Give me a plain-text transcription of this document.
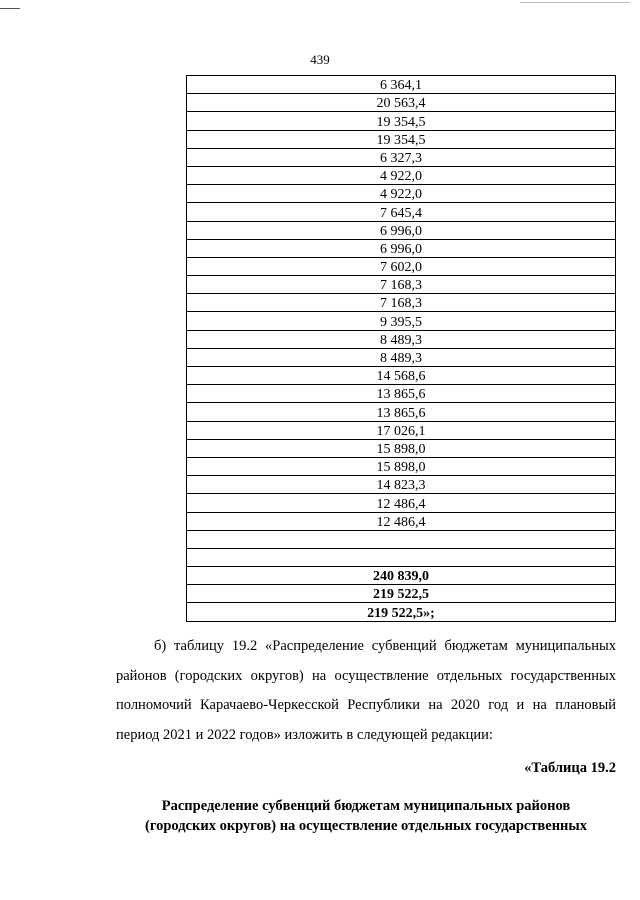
439
6 364,1
20 563,4
19 354,5
19 354,5
6 327,3
4 922,0
4 922,0
7 645,4
6 996,0
6 996,0
7 602,0
7 168,3
7 168,3
9 395,5
8 489,3
8 489,3
14 568,6
13 865,6
13 865,6
17 026,1
15 898,0
15 898,0
14 823,3
12 486,4
12 486,4

240 839,0
219 522,5
219 522,5»;

б) таблицу 19.2 «Распределение субвенций бюджетам муниципальных районов (городских округов) на осуществление отдельных государственных полномочий Карачаево-Черкесской Республики на 2020 год и на плановый период 2021 и 2022 годов» изложить в следующей редакции:

«Таблица 19.2
Распределение субвенций бюджетам муниципальных районов
(городских округов) на осуществление отдельных государственных
